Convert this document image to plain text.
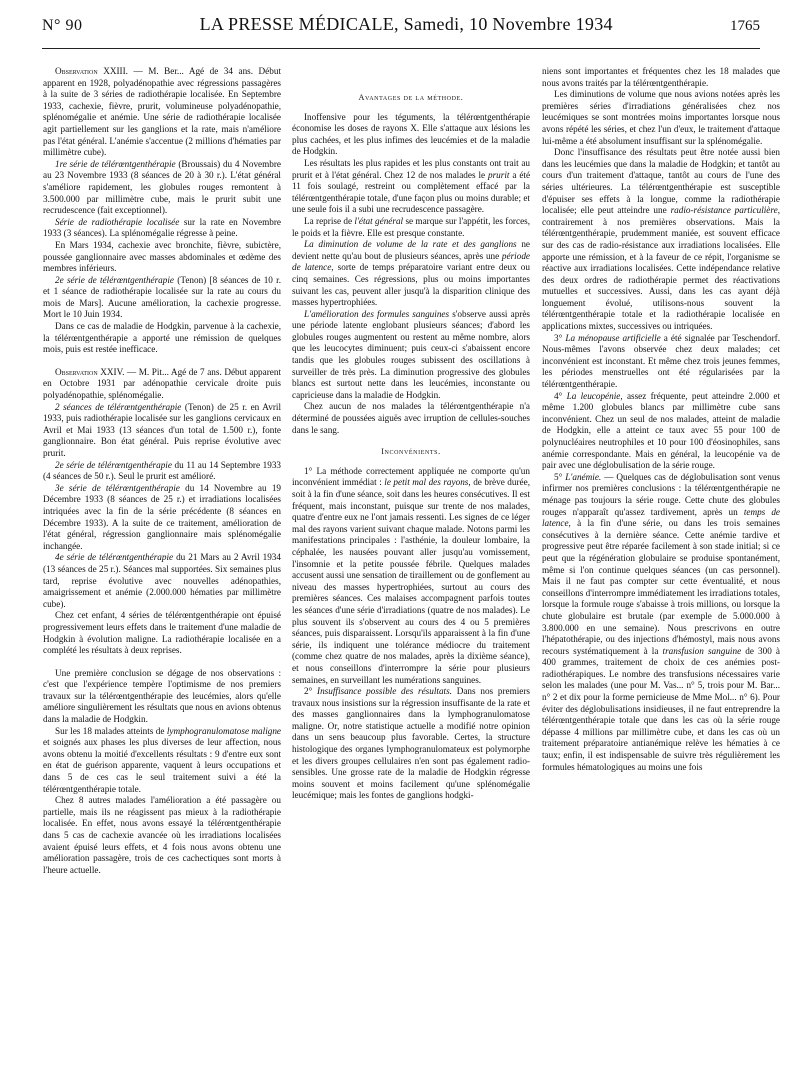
N° 90	LA PRESSE MÉDICALE, Samedi, 10 Novembre 1934	1765

Observation XXIII. — M. Ber... Agé de 34 ans. Début apparent en 1928, polyadénopathie avec régressions passagères à la suite de 3 séries de radiothérapie localisée. En Septembre 1933, cachexie, fièvre, prurit, volumineuse polyadénopathie, splénomégalie et anémie. Une série de radiothérapie localisée agit partiellement sur les ganglions et la rate, mais n'améliore pas l'état général. L'anémie s'accentue (2 millions d'hématies par millimètre cube).

1re série de télérœntgenthérapie (Broussais) du 4 Novembre au 23 Novembre 1933 (8 séances de 20 à 30 r.). L'état général s'améliore rapidement, les globules rouges remontent à 3.500.000 par millimètre cube, mais le prurit subit une recrudescence (fait exceptionnel).

Série de radiothérapie localisée sur la rate en Novembre 1933 (3 séances). La splénomégalie régresse à peine.

En Mars 1934, cachexie avec bronchite, fièvre, subictère, poussée ganglionnaire avec masses abdominales et œdème des membres inférieurs.

2e série de télérœntgenthérapie (Tenon) [8 séances de 10 r. et 1 séance de radiothérapie localisée sur la rate au cours du mois de Mars]. Aucune amélioration, la cachexie progresse. Mort le 10 Juin 1934.

Dans ce cas de maladie de Hodgkin, parvenue à la cachexie, la télérœntgenthérapie a apporté une rémission de quelques mois, puis est restée inefficace.

Observation XXIV. — M. Pit... Agé de 7 ans. Début apparent en Octobre 1931 par adénopathie cervicale droite puis polyadénopathie, splénomégalie.

2 séances de télérœntgenthérapie (Tenon) de 25 r. en Avril 1933, puis radiothérapie localisée sur les ganglions cervicaux en Avril et Mai 1933 (13 séances d'un total de 1.500 r.), fonte ganglionnaire. Bon état général. Puis reprise évolutive avec prurit.

2e série de télérœntgenthérapie du 11 au 14 Septembre 1933 (4 séances de 50 r.). Seul le prurit est amélioré.

3e série de télérœntgenthérapie du 14 Novembre au 19 Décembre 1933 (8 séances de 25 r.) et irradiations localisées intriquées avec la fin de la série précédente (8 séances en Décembre 1933). A la suite de ce traitement, amélioration de l'état général, régression ganglionnaire mais splénomégalie inchangée.

4e série de télérœntgenthérapie du 21 Mars au 2 Avril 1934 (13 séances de 25 r.). Séances mal supportées. Six semaines plus tard, reprise évolutive avec nouvelles adénopathies, amaigrissement et anémie (2.000.000 hématies par millimètre cube).

Chez cet enfant, 4 séries de télérœntgenthérapie ont épuisé progressivement leurs effets dans le traitement d'une maladie de Hodgkin à évolution maligne. La radiothérapie localisée en a complété les résultats à deux reprises.

Une première conclusion se dégage de nos observations : c'est que l'expérience tempère l'optimisme de nos premiers travaux sur la télérœntgenthérapie des leucémies, alors qu'elle améliore singulièrement les résultats que nous en avions obtenus dans la maladie de Hodgkin.

Sur les 18 malades atteints de lymphogranulomatose maligne et soignés aux phases les plus diverses de leur affection, nous avons obtenu la moitié d'excellents résultats : 9 d'entre eux sont en état de guérison apparente, vaquent à leurs occupations et dans 5 de ces cas le seul traitement suivi a été la télérœntgenthérapie totale.

Chez 8 autres malades l'amélioration a été passagère ou partielle, mais ils ne réagissent pas mieux à la radiothérapie localisée. En effet, nous avons essayé la télérœntgenthérapie dans 5 cas de cachexie avancée où les irradiations localisées avaient épuisé leurs effets, et 4 fois nous avons obtenu une amélioration passagère, trois de ces cachectiques sont morts à l'heure actuelle.

Avantages de la méthode.

Inoffensive pour les téguments, la télérœntgenthérapie économise les doses de rayons X. Elle s'attaque aux lésions les plus cachées, et les plus infimes des leucémies et de la maladie de Hodgkin.

Les résultats les plus rapides et les plus constants ont trait au prurit et à l'état général. Chez 12 de nos malades le prurit a été 11 fois soulagé, restreint ou complètement effacé par la télérœntgenthérapie totale, d'une façon plus ou moins durable; et une seule fois il a subi une recrudescence passagère.

La reprise de l'état général se marque sur l'appétit, les forces, le poids et la fièvre. Elle est presque constante.

La diminution de volume de la rate et des ganglions ne devient nette qu'au bout de plusieurs séances, après une période de latence, sorte de temps préparatoire variant entre deux ou cinq semaines. Ces régressions, plus ou moins importantes suivant les cas, peuvent aller jusqu'à la disparition clinique des masses hypertrophiées.

L'amélioration des formules sanguines s'observe aussi après une période latente englobant plusieurs séances; d'abord les globules rouges augmentent ou restent au même nombre, alors que les leucocytes diminuent; puis ceux-ci s'abaissent encore tandis que les globules rouges subissent des oscillations à surveiller de très près. La diminution progressive des globules blancs est surtout nette dans les leucémies, inconstante ou capricieuse dans la maladie de Hodgkin.

Chez aucun de nos malades la télérœntgenthérapie n'a déterminé de poussées aiguës avec irruption de cellules-souches dans le sang.

Inconvénients.

1° La méthode correctement appliquée ne comporte qu'un inconvénient immédiat : le petit mal des rayons, de brève durée, soit à la fin d'une séance, soit dans les heures consécutives. Il est fréquent, mais inconstant, puisque sur trente de nos malades, quatre d'entre eux ne l'ont jamais ressenti. Les signes de ce léger mal des rayons varient suivant chaque malade. Notons parmi les manifestations principales : l'asthénie, la douleur lombaire, la céphalée, les nausées pouvant aller jusqu'au vomissement, l'insomnie et la petite poussée fébrile. Quelques malades accusent aussi une sensation de tiraillement ou de gonflement au niveau des masses hypertrophiées, surtout au cours des premières séances. Ces malaises accompagnent parfois toutes les séances d'une série d'irradiations (quatre de nos malades). Le plus souvent ils s'observent au cours des 4 ou 5 premières séances, puis disparaissent. Lorsqu'ils apparaissent à la fin d'une série, ils indiquent une tolérance médiocre du traitement (comme chez quatre de nos malades, après la dixième séance), et nous conseillons d'interrompre la série pour plusieurs semaines, en surveillant les numérations sanguines.

2° Insuffisance possible des résultats. Dans nos premiers travaux nous insistions sur la régression insuffisante de la rate et des masses ganglionnaires dans la lymphogranulomatose maligne. Or, notre statistique actuelle a modifié notre opinion dans un sens beaucoup plus favorable. Certes, la structure histologique des organes lymphogranulomateux est polymorphe et les divers groupes cellulaires n'en sont pas également radio-sensibles. Une grosse rate de la maladie de Hodgkin régresse moins souvent et moins facilement qu'une splénomégalie leucémique; mais les fontes de ganglions hodgki-

niens sont importantes et fréquentes chez les 18 malades que nous avons traités par la télérœntgenthérapie.

Les diminutions de volume que nous avions notées après les premières séries d'irradiations généralisées chez nos leucémiques se sont montrées moins importantes lorsque nous avons répété les séries, et chez l'un d'eux, le traitement d'attaque lui-même a été absolument insuffisant sur la splénomégalie.

Donc l'insuffisance des résultats peut être notée aussi bien dans les leucémies que dans la maladie de Hodgkin; et tantôt au cours d'un traitement d'attaque, tantôt au cours de l'une des séries ultérieures. La télérœntgenthérapie est susceptible d'épuiser ses effets à la longue, comme la radiothérapie localisée; elle peut atteindre une radio-résistance particulière, contrairement à nos premières observations. Mais la télérœntgenthérapie, prudemment maniée, est souvent efficace sur des cas de radio-résistance aux irradiations localisées. Elle apporte une rémission, et à la faveur de ce répit, l'organisme se réactive aux irradiations localisées. Cette indépendance relative des deux ordres de radiothérapie permet des réactivations mutuelles et successives. Aussi, dans les cas ayant déjà longuement évolué, utilisons-nous souvent la télérœntgenthérapie totale et la radiothérapie localisée en applications mixtes, successives ou intriquées.

3° La ménopause artificielle a été signalée par Teschendorf. Nous-mêmes l'avons observée chez deux malades; cet inconvénient est inconstant. Et même chez trois jeunes femmes, les périodes menstruelles ont été régularisées par la télérœntgenthérapie.

4° La leucopénie, assez fréquente, peut atteindre 2.000 et même 1.200 globules blancs par millimètre cube sans inconvénient. Chez un seul de nos malades, atteint de maladie de Hodgkin, elle a atteint ce taux avec 55 pour 100 de polynucléaires neutrophiles et 10 pour 100 d'éosinophiles, sans anémie correspondante. Mais en général, la leucopénie va de pair avec une déglobulisation de la série rouge.

5° L'anémie. — Quelques cas de déglobulisation sont venus infirmer nos premières conclusions : la télérœntgenthérapie ne ménage pas toujours la série rouge. Cette chute des globules rouges n'apparaît qu'assez tardivement, après un temps de latence, à la fin d'une série, ou dans les trois semaines consécutives à la dernière séance. Cette anémie tardive et progressive peut être réparée facilement à son stade initial; si ce peut que la régénération globulaire se produise spontanément, même si l'on continue quelques séances (un cas personnel). Mais il ne faut pas compter sur cette éventualité, et nous conseillons d'interrompre immédiatement les irradiations totales, lorsque la formule rouge s'abaisse à trois millions, ou lorsque la chute globulaire est brutale (par exemple de 5.000.000 à 3.800.000 en une semaine). Nous prescrivons en outre l'hépatothérapie, ou des injections d'hémostyl, mais nous avons recours systématiquement à la transfusion sanguine de 300 à 400 grammes, traitement de choix de ces anémies post-radiothérapiques. Le nombre des transfusions nécessaires varie selon les malades (une pour M. Vas... n° 5, trois pour M. Bar... n° 2 et dix pour la forme pernicieuse de Mme Mol... n° 6). Pour éviter des déglobulisations insidieuses, il ne faut entreprendre la télérœntgenthérapie totale que dans les cas où la série rouge dépasse 4 millions par millimètre cube, et dans les cas où un traitement préparatoire antianémique relève les hématies à ce taux; enfin, il est indispensable de suivre très régulièrement les formules hématologiques au moins une fois
